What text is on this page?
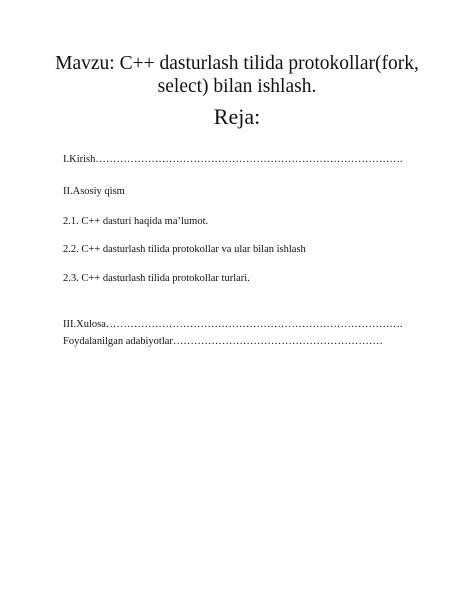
Mavzu: C++ dasturlash tilida protokollar(fork,
select) bilan ishlash.
Reja:
I.Kirish…………………………………………………………………………….
II.Asosiy qism
2.1. C++ dasturi haqida ma’lumot.
2.2. C++ dasturlash tilida protokollar va ular bilan ishlash
2.3. C++ dasturlash tilida protokollar turlari.
III.Xulosa………………………………………………………………………….
Foydalanilgan adabiyotlar……………………………………………………
